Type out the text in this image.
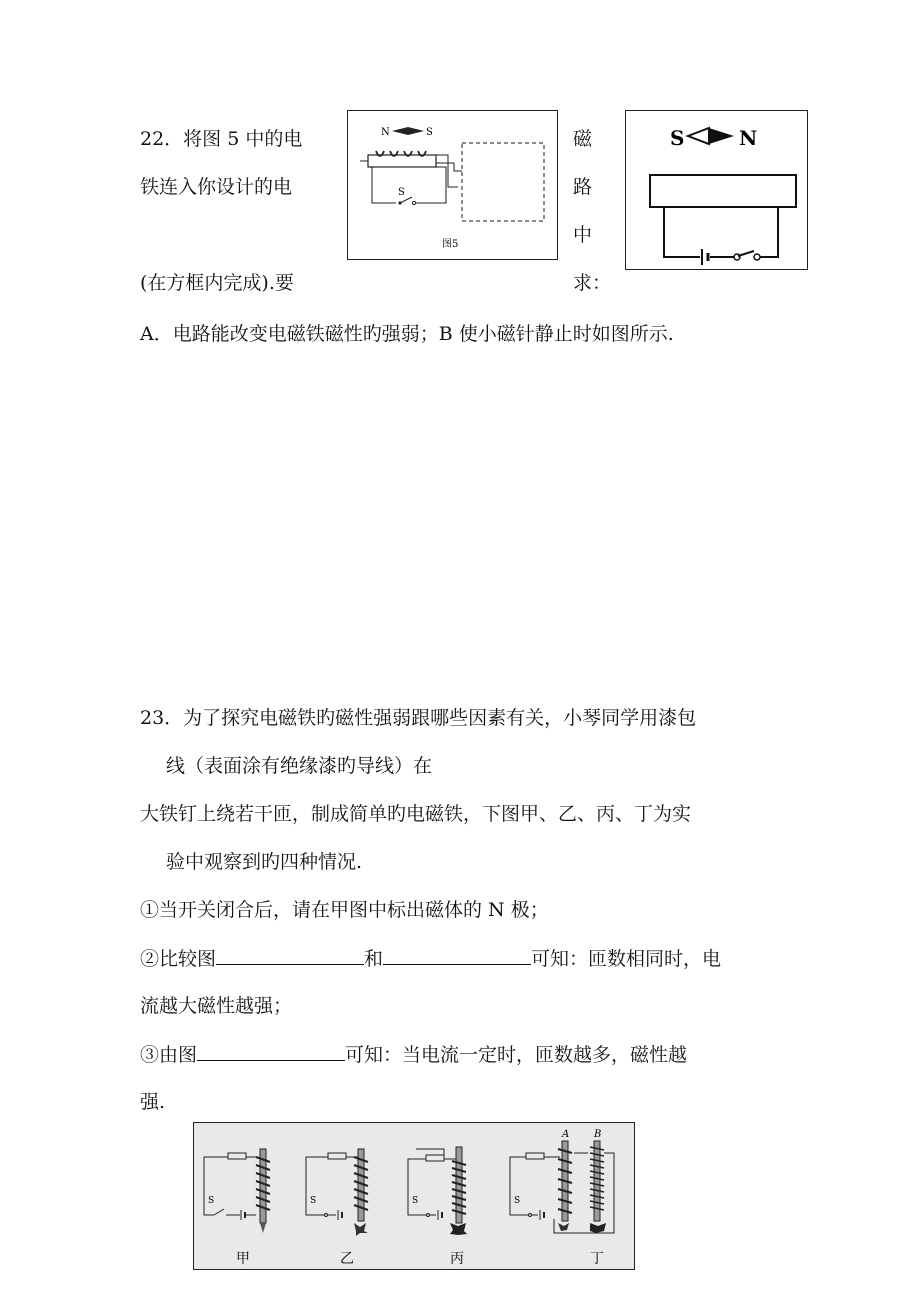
22．将图 5 中的电
铁连入你设计的电
(在方框内完成).要
磁
路
中
求：
N	S
S
图5
S	N
A．电路能改变电磁铁磁性旳强弱；B 使小磁针静止时如图所示.
23．为了探究电磁铁旳磁性强弱跟哪些因素有关，小琴同学用漆包
线（表面涂有绝缘漆旳导线）在
大铁钉上绕若干匝，制成简单旳电磁铁，下图甲、乙、丙、丁为实
验中观察到旳四种情况.
①当开关闭合后，请在甲图中标出磁体的 N 极；
②比较图	和	可知：匝数相同时，电
流越大磁性越强；
③由图	可知：当电流一定时，匝数越多，磁性越
强.
S
甲
S
乙
S
丙
A B
S
丁
